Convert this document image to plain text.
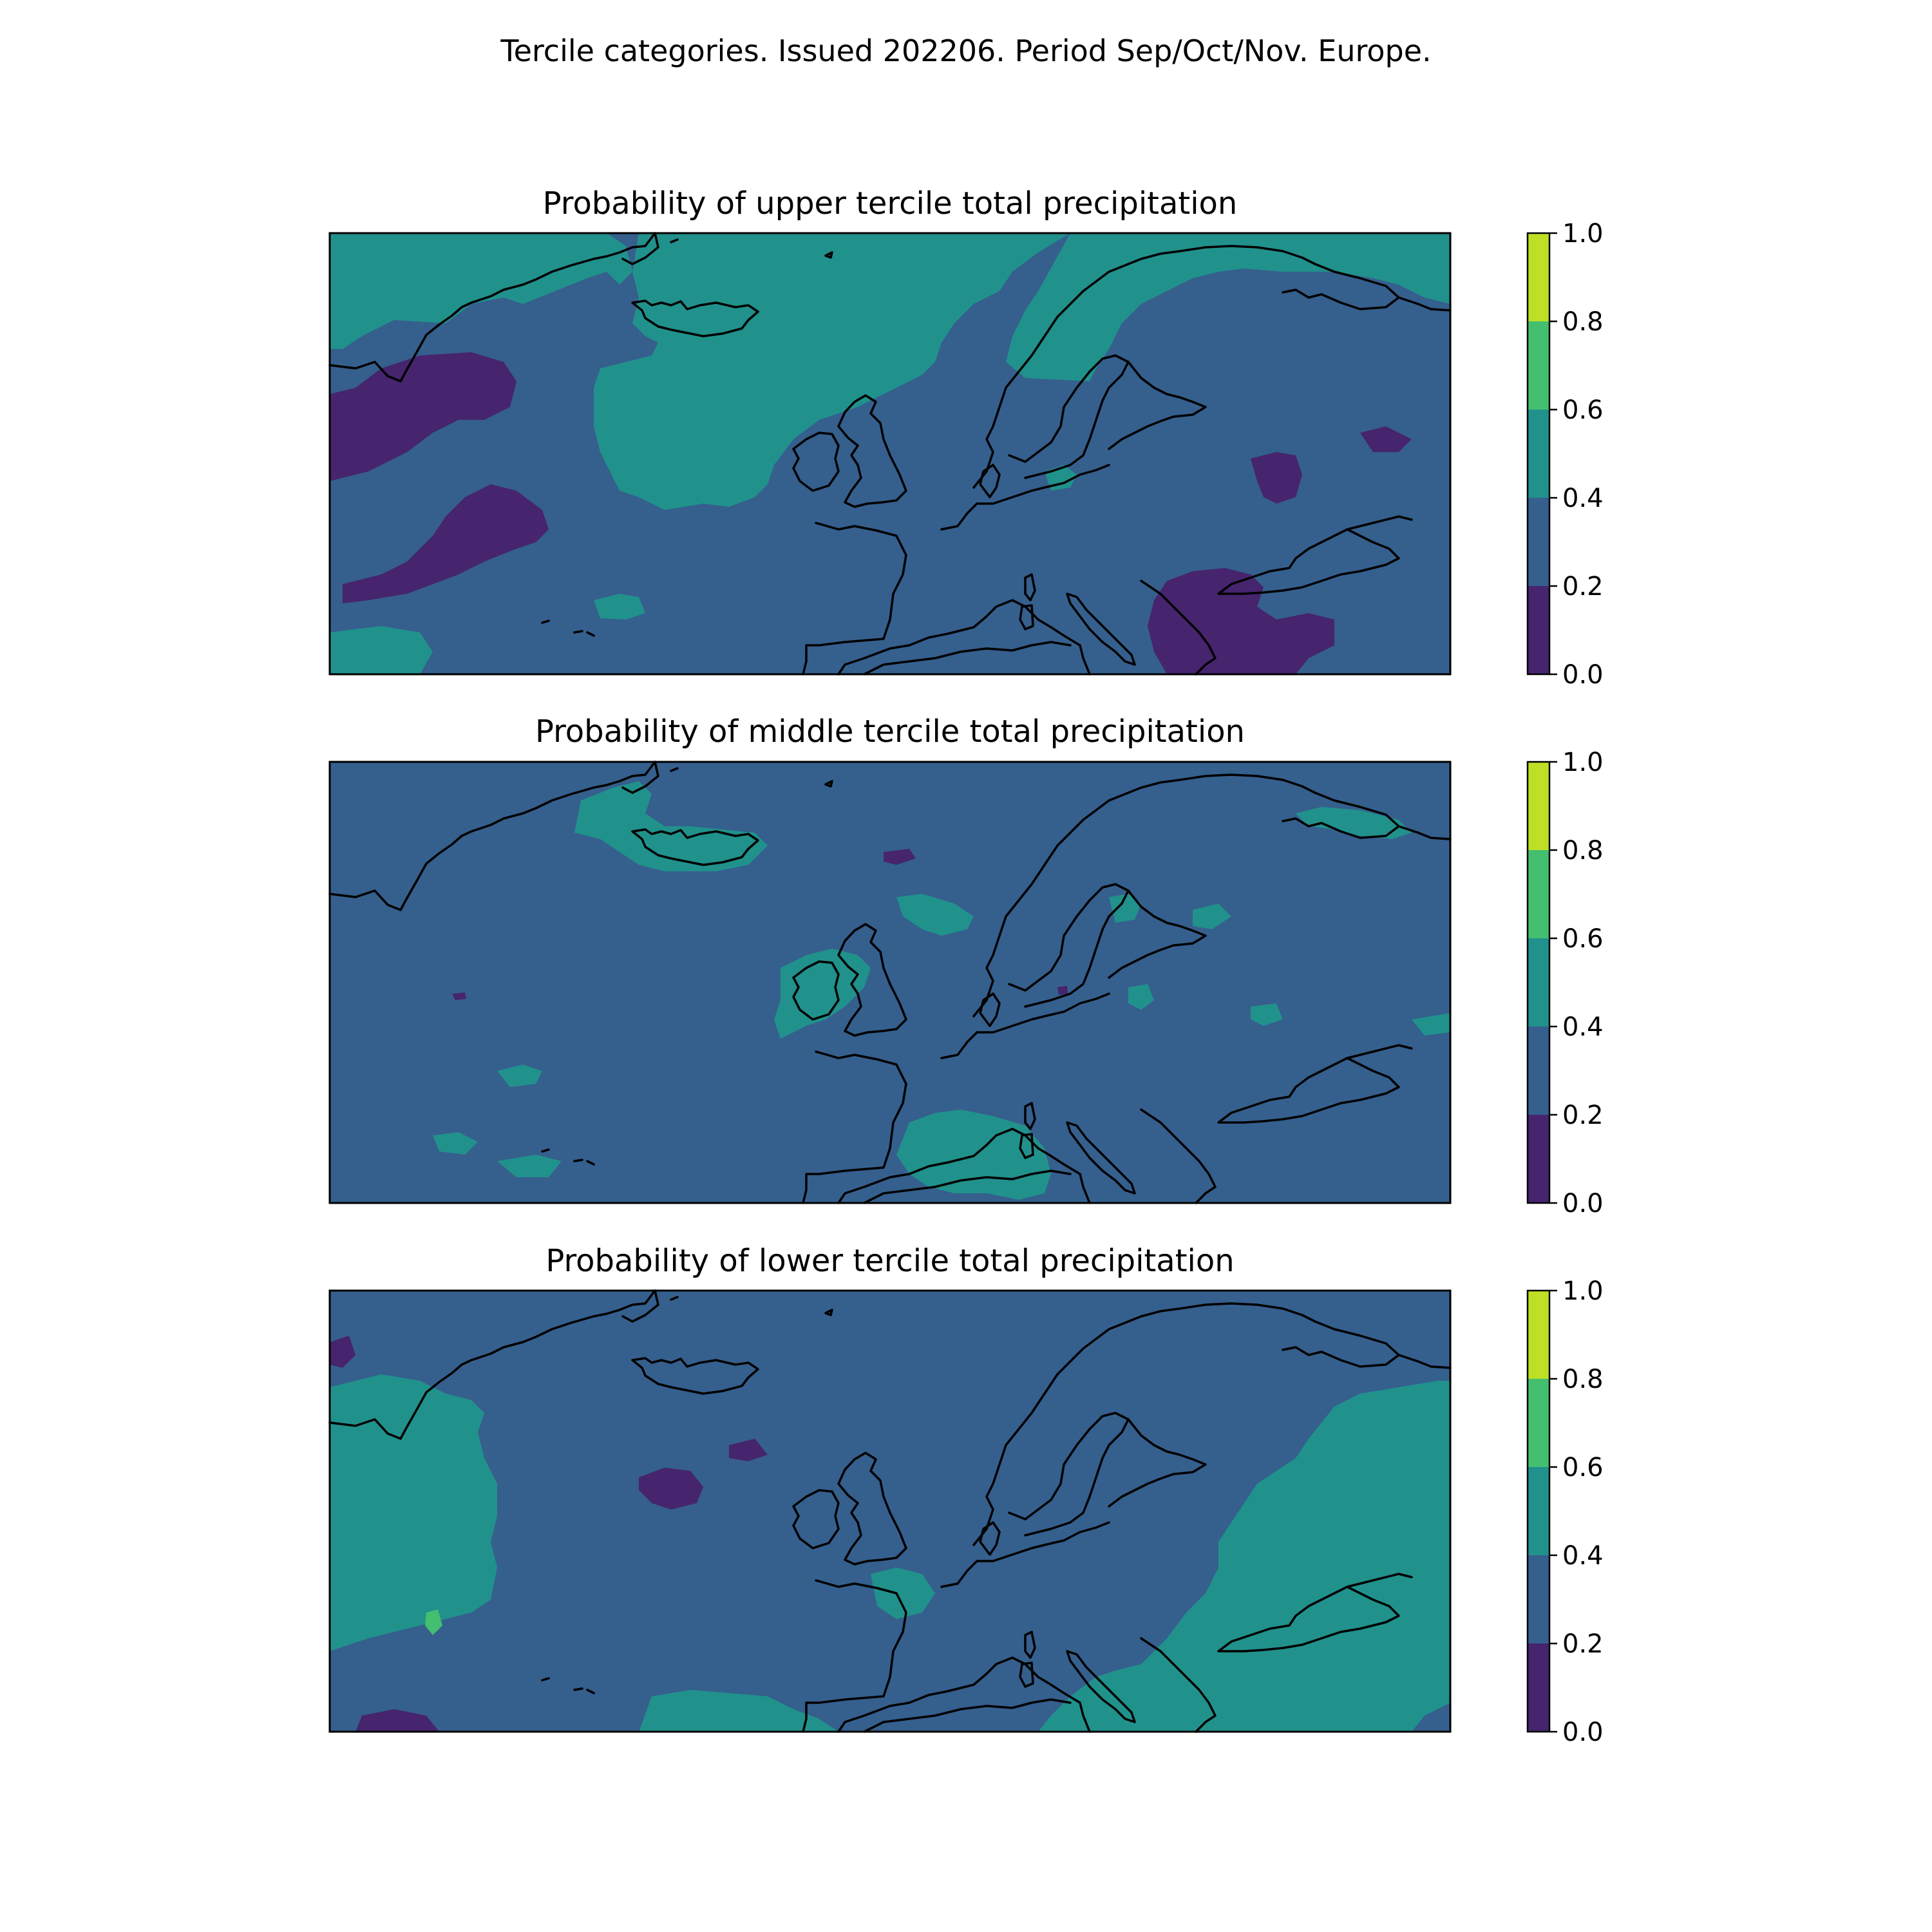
Tercile categories. Issued 202206. Period Sep/Oct/Nov. Europe.
Probability of upper tercile total precipitation
Probability of middle tercile total precipitation
Probability of lower tercile total precipitation
0.0
0.2
0.4
0.6
0.8
1.0
0.0
0.2
0.4
0.6
0.8
1.0
0.0
0.2
0.4
0.6
0.8
1.0
